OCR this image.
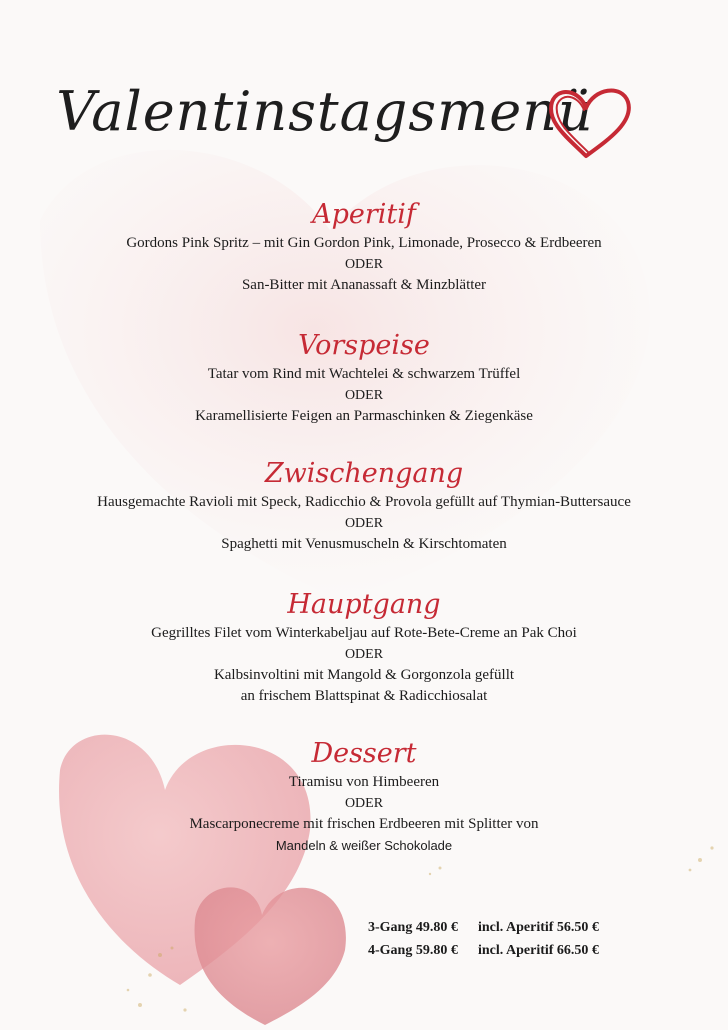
Valentinstagsmenü
Aperitif
Gordons Pink Spritz – mit Gin Gordon Pink, Limonade, Prosecco & Erdbeeren
ODER
San-Bitter mit Ananassaft & Minzblätter
Vorspeise
Tatar vom Rind mit Wachtelei & schwarzem Trüffel
ODER
Karamellisierte Feigen an Parmaschinken & Ziegenkäse
Zwischengang
Hausgemachte Ravioli mit Speck, Radicchio & Provola gefüllt auf Thymian-Buttersauce
ODER
Spaghetti mit Venusmuscheln & Kirschtomaten
Hauptgang
Gegrilltes Filet vom Winterkabeljau auf Rote-Bete-Creme an Pak Choi
ODER
Kalbsinvoltini mit Mangold & Gorgonzola gefüllt
an frischem Blattspinat & Radicchiosalat
Dessert
Tiramisu von Himbeeren
ODER
Mascarponecreme mit frischen Erdbeeren mit Splitter von
Mandeln & weißer Schokolade
3-Gang 49.80 €	incl. Aperitif 56.50 €
4-Gang 59.80 €	incl. Aperitif 66.50 €
